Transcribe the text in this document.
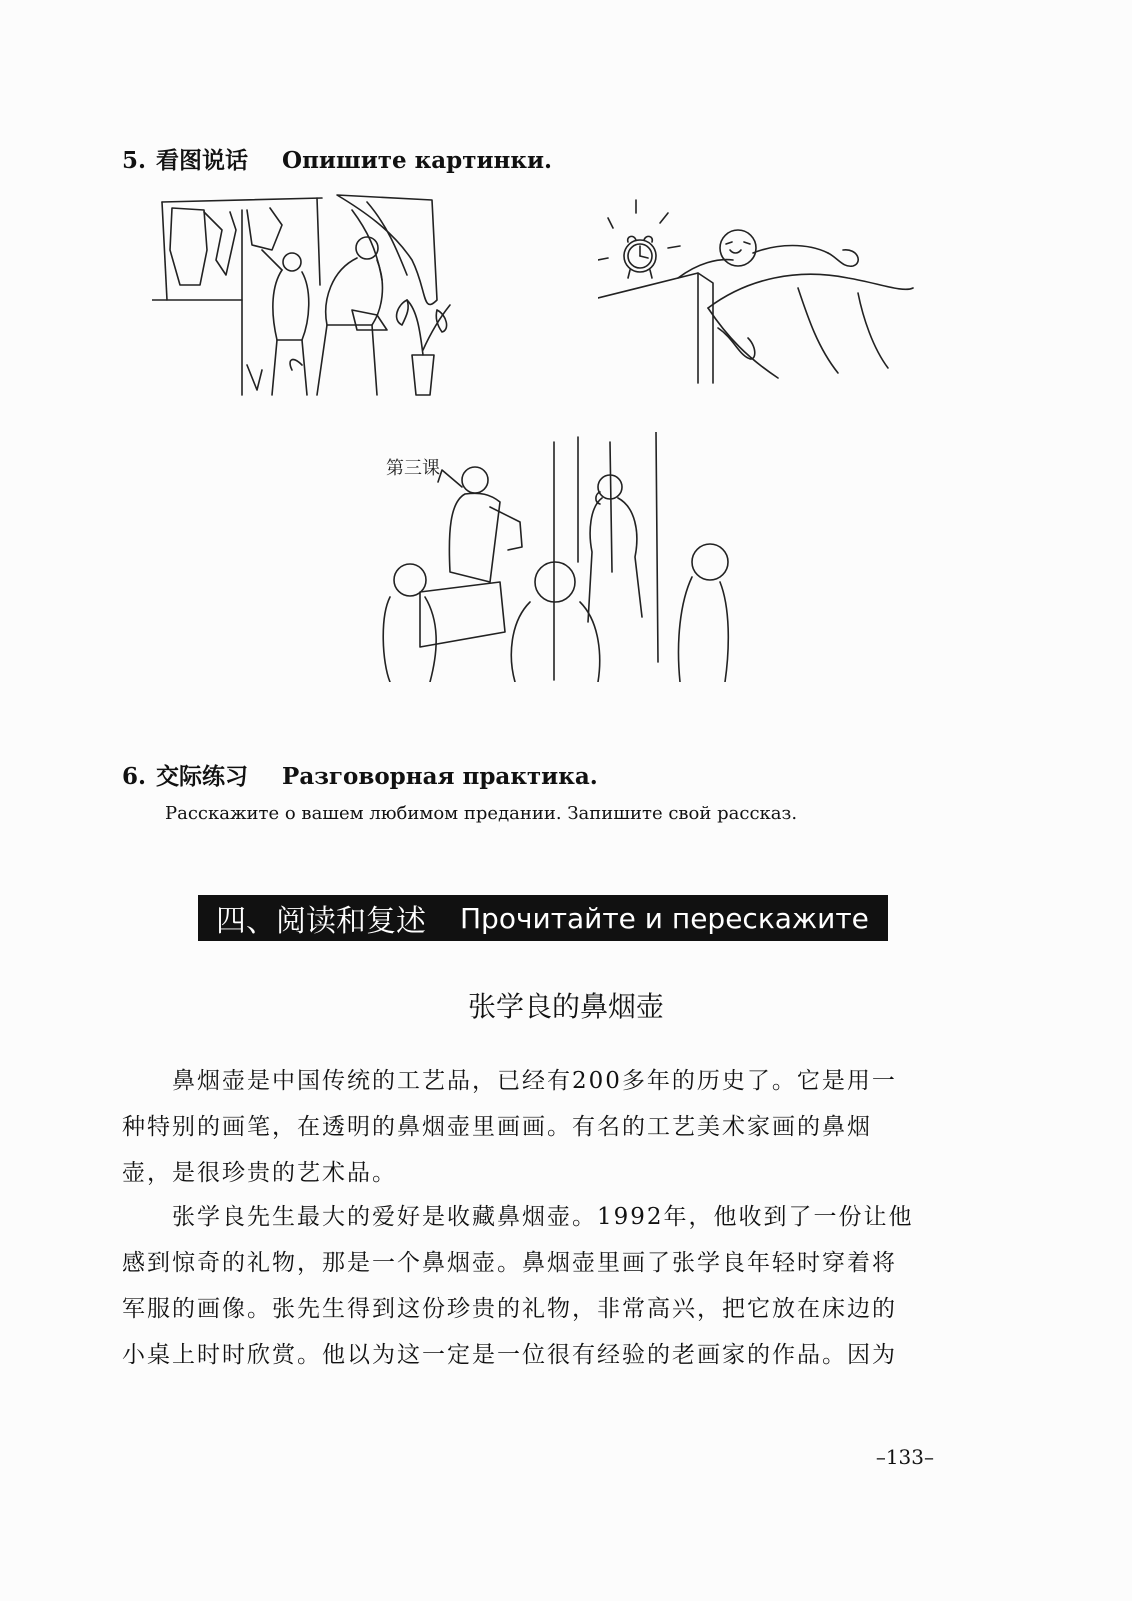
5. 看图说话 Опишите картинки.
第三课
6. 交际练习 Разговорная практика.
Расскажите о вашем любимом предании. Запишите свой рассказ.
四、阅读和复述 Прочитайте и перескажите
张学良的鼻烟壶
　　鼻烟壶是中国传统的工艺品，已经有200多年的历史了。它是用一
种特别的画笔，在透明的鼻烟壶里画画。有名的工艺美术家画的鼻烟
壶，是很珍贵的艺术品。
　　张学良先生最大的爱好是收藏鼻烟壶。1992年，他收到了一份让他
感到惊奇的礼物，那是一个鼻烟壶。鼻烟壶里画了张学良年轻时穿着将
军服的画像。张先生得到这份珍贵的礼物，非常高兴，把它放在床边的
小桌上时时欣赏。他以为这一定是一位很有经验的老画家的作品。因为
–133–
